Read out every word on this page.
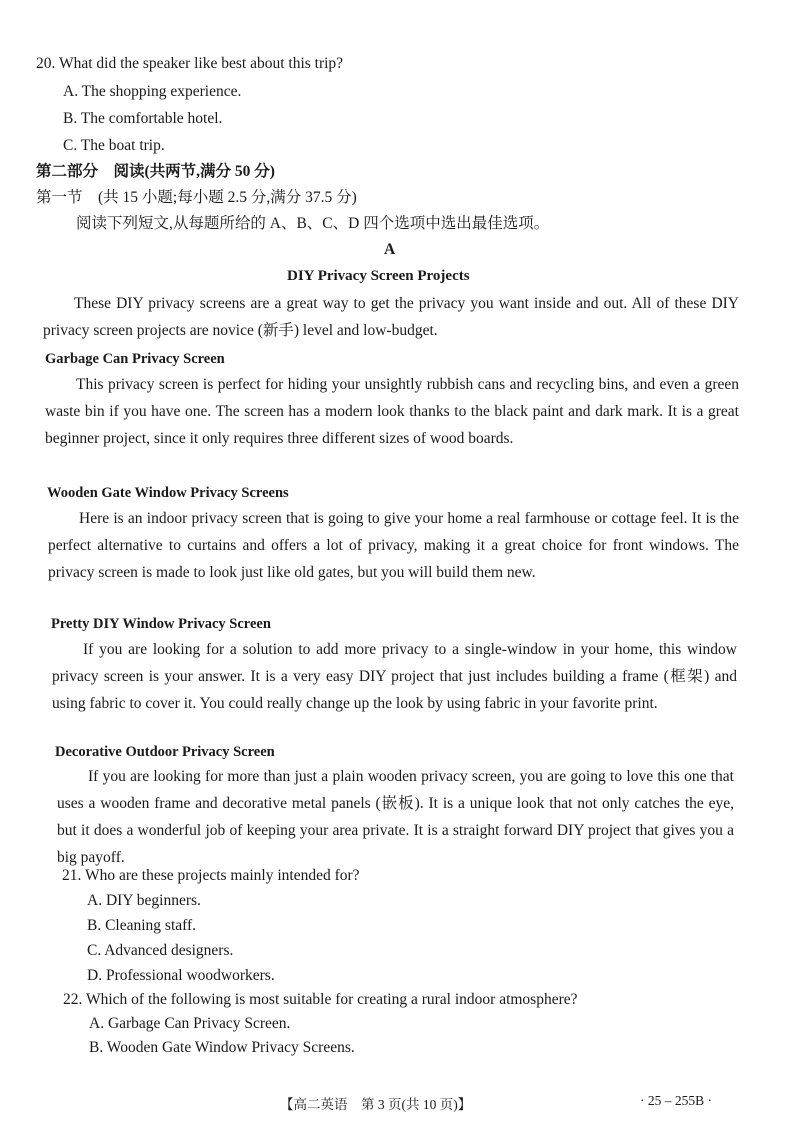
20. What did the speaker like best about this trip?
A. The shopping experience.
B. The comfortable hotel.
C. The boat trip.
第二部分　阅读(共两节,满分 50 分)
第一节　(共 15 小题;每小题 2.5 分,满分 37.5 分)
阅读下列短文,从每题所给的 A、B、C、D 四个选项中选出最佳选项。
A
DIY Privacy Screen Projects
These DIY privacy screens are a great way to get the privacy you want inside and out. All of these DIY privacy screen projects are novice (新手) level and low-budget.
Garbage Can Privacy Screen
This privacy screen is perfect for hiding your unsightly rubbish cans and recycling bins, and even a green waste bin if you have one. The screen has a modern look thanks to the black paint and dark mark. It is a great beginner project, since it only requires three different sizes of wood boards.
Wooden Gate Window Privacy Screens
Here is an indoor privacy screen that is going to give your home a real farmhouse or cottage feel. It is the perfect alternative to curtains and offers a lot of privacy, making it a great choice for front windows. The privacy screen is made to look just like old gates, but you will build them new.
Pretty DIY Window Privacy Screen
If you are looking for a solution to add more privacy to a single-window in your home, this window privacy screen is your answer. It is a very easy DIY project that just includes building a frame (框架) and using fabric to cover it. You could really change up the look by using fabric in your favorite print.
Decorative Outdoor Privacy Screen
If you are looking for more than just a plain wooden privacy screen, you are going to love this one that uses a wooden frame and decorative metal panels (嵌板). It is a unique look that not only catches the eye, but it does a wonderful job of keeping your area private. It is a straight forward DIY project that gives you a big payoff.
21. Who are these projects mainly intended for?
A. DIY beginners.
B. Cleaning staff.
C. Advanced designers.
D. Professional woodworkers.
22. Which of the following is most suitable for creating a rural indoor atmosphere?
A. Garbage Can Privacy Screen.
B. Wooden Gate Window Privacy Screens.
【高二英语　第 3 页(共 10 页)】	· 25 – 255B ·
